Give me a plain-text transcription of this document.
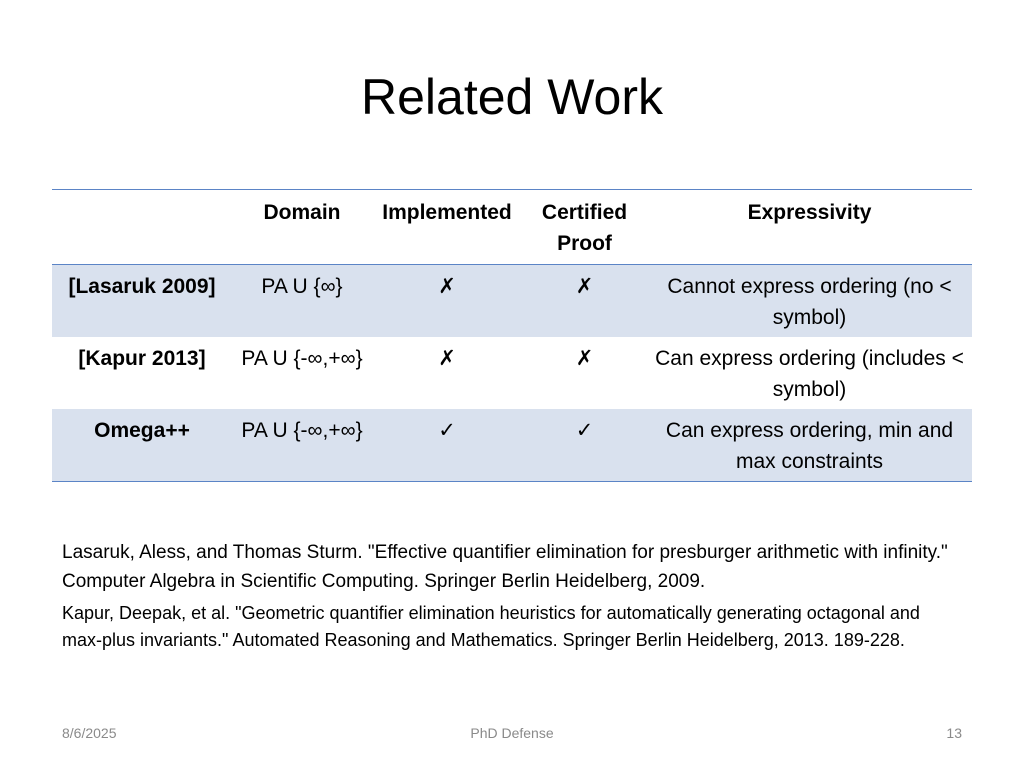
Related Work
	Domain	Implemented	Certified Proof	Expressivity
[Lasaruk 2009]	PA U {∞}	✗	✗	Cannot express ordering (no < symbol)
[Kapur 2013]	PA U {-∞,+∞}	✗	✗	Can express ordering (includes < symbol)
Omega++	PA U {-∞,+∞}	✓	✓	Can express ordering, min and max constraints

Lasaruk, Aless, and Thomas Sturm. "Effective quantifier elimination for presburger arithmetic with infinity." Computer Algebra in Scientific Computing. Springer Berlin Heidelberg, 2009.

Kapur, Deepak, et al. "Geometric quantifier elimination heuristics for automatically generating octagonal and max-plus invariants." Automated Reasoning and Mathematics. Springer Berlin Heidelberg, 2013. 189-228.

8/6/2025	PhD Defense	13
